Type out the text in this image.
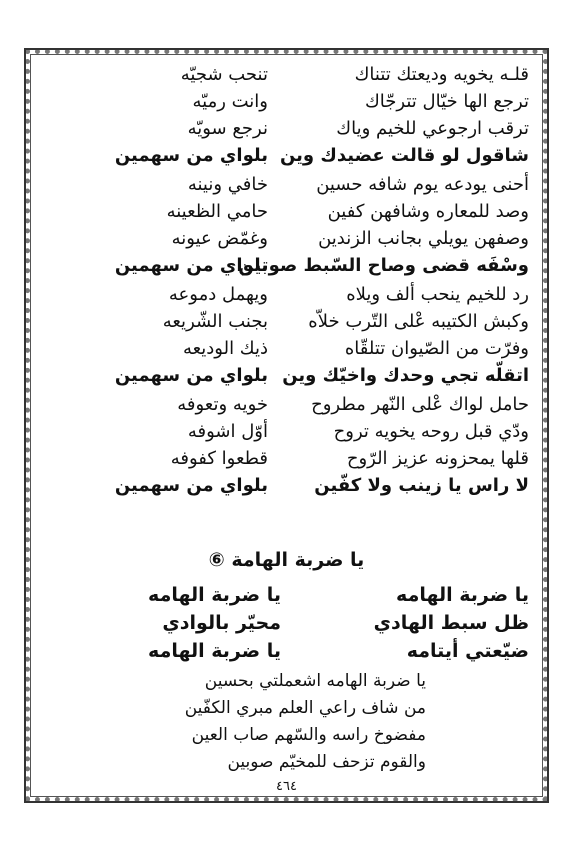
قلـه يخويه وديعتك تتناك
تنحب شجيّه
ترجع الها خيّال تترجّاك
وانت رميّه
ترقب ارجوعي للخيم وياك
نرجع سويّه
شاقول لو قالت عضيدك وين
بلواي من سهمين
أحنى يودعه يوم شافه حسين
خافي ونينه
وصد للمعاره وشافهن كفين
حامي الظعينه
وصفهن يويلي بجانب الزندين
وغمّض عيونه
وسْفَه قضى وصاح السّبط صوتين
بلواي من سهمين
رد للخيم ينحب ألف ويلاه
ويهمل دموعه
وكبش الكتيبه عْلى التّرب خلاّه
بجنب الشّريعه
وفرّت من الصّيوان تتلقّاه
ذيك الوديعه
اتقلّه تجي وحدك واخيّك وين
بلواي من سهمين
حامل لواك عْلى النّهر مطروح
خويه وتعوفه
ودّي قبل روحه يخويه تروح
أوّل اشوفه
قلها يمحزونه عزيز الرّوح
قطعوا كفوفه
لا راس يا زينب ولا كفّين
بلواي من سهمين
يا ضربة الهامة ⑥
يا ضربة الهامه
يا ضربة الهامه
ظل سبط الهادي
محيّر بالوادي
ضيّعتي أيتامه
يا ضربة الهامه
يا ضربة الهامه اشعملتي بحسين
من شاف راعي العلم مبري الكفّين
مفضوخ راسه والسّهم صاب العين
والقوم تزحف للمخيّم صوبين
٤٦٤
